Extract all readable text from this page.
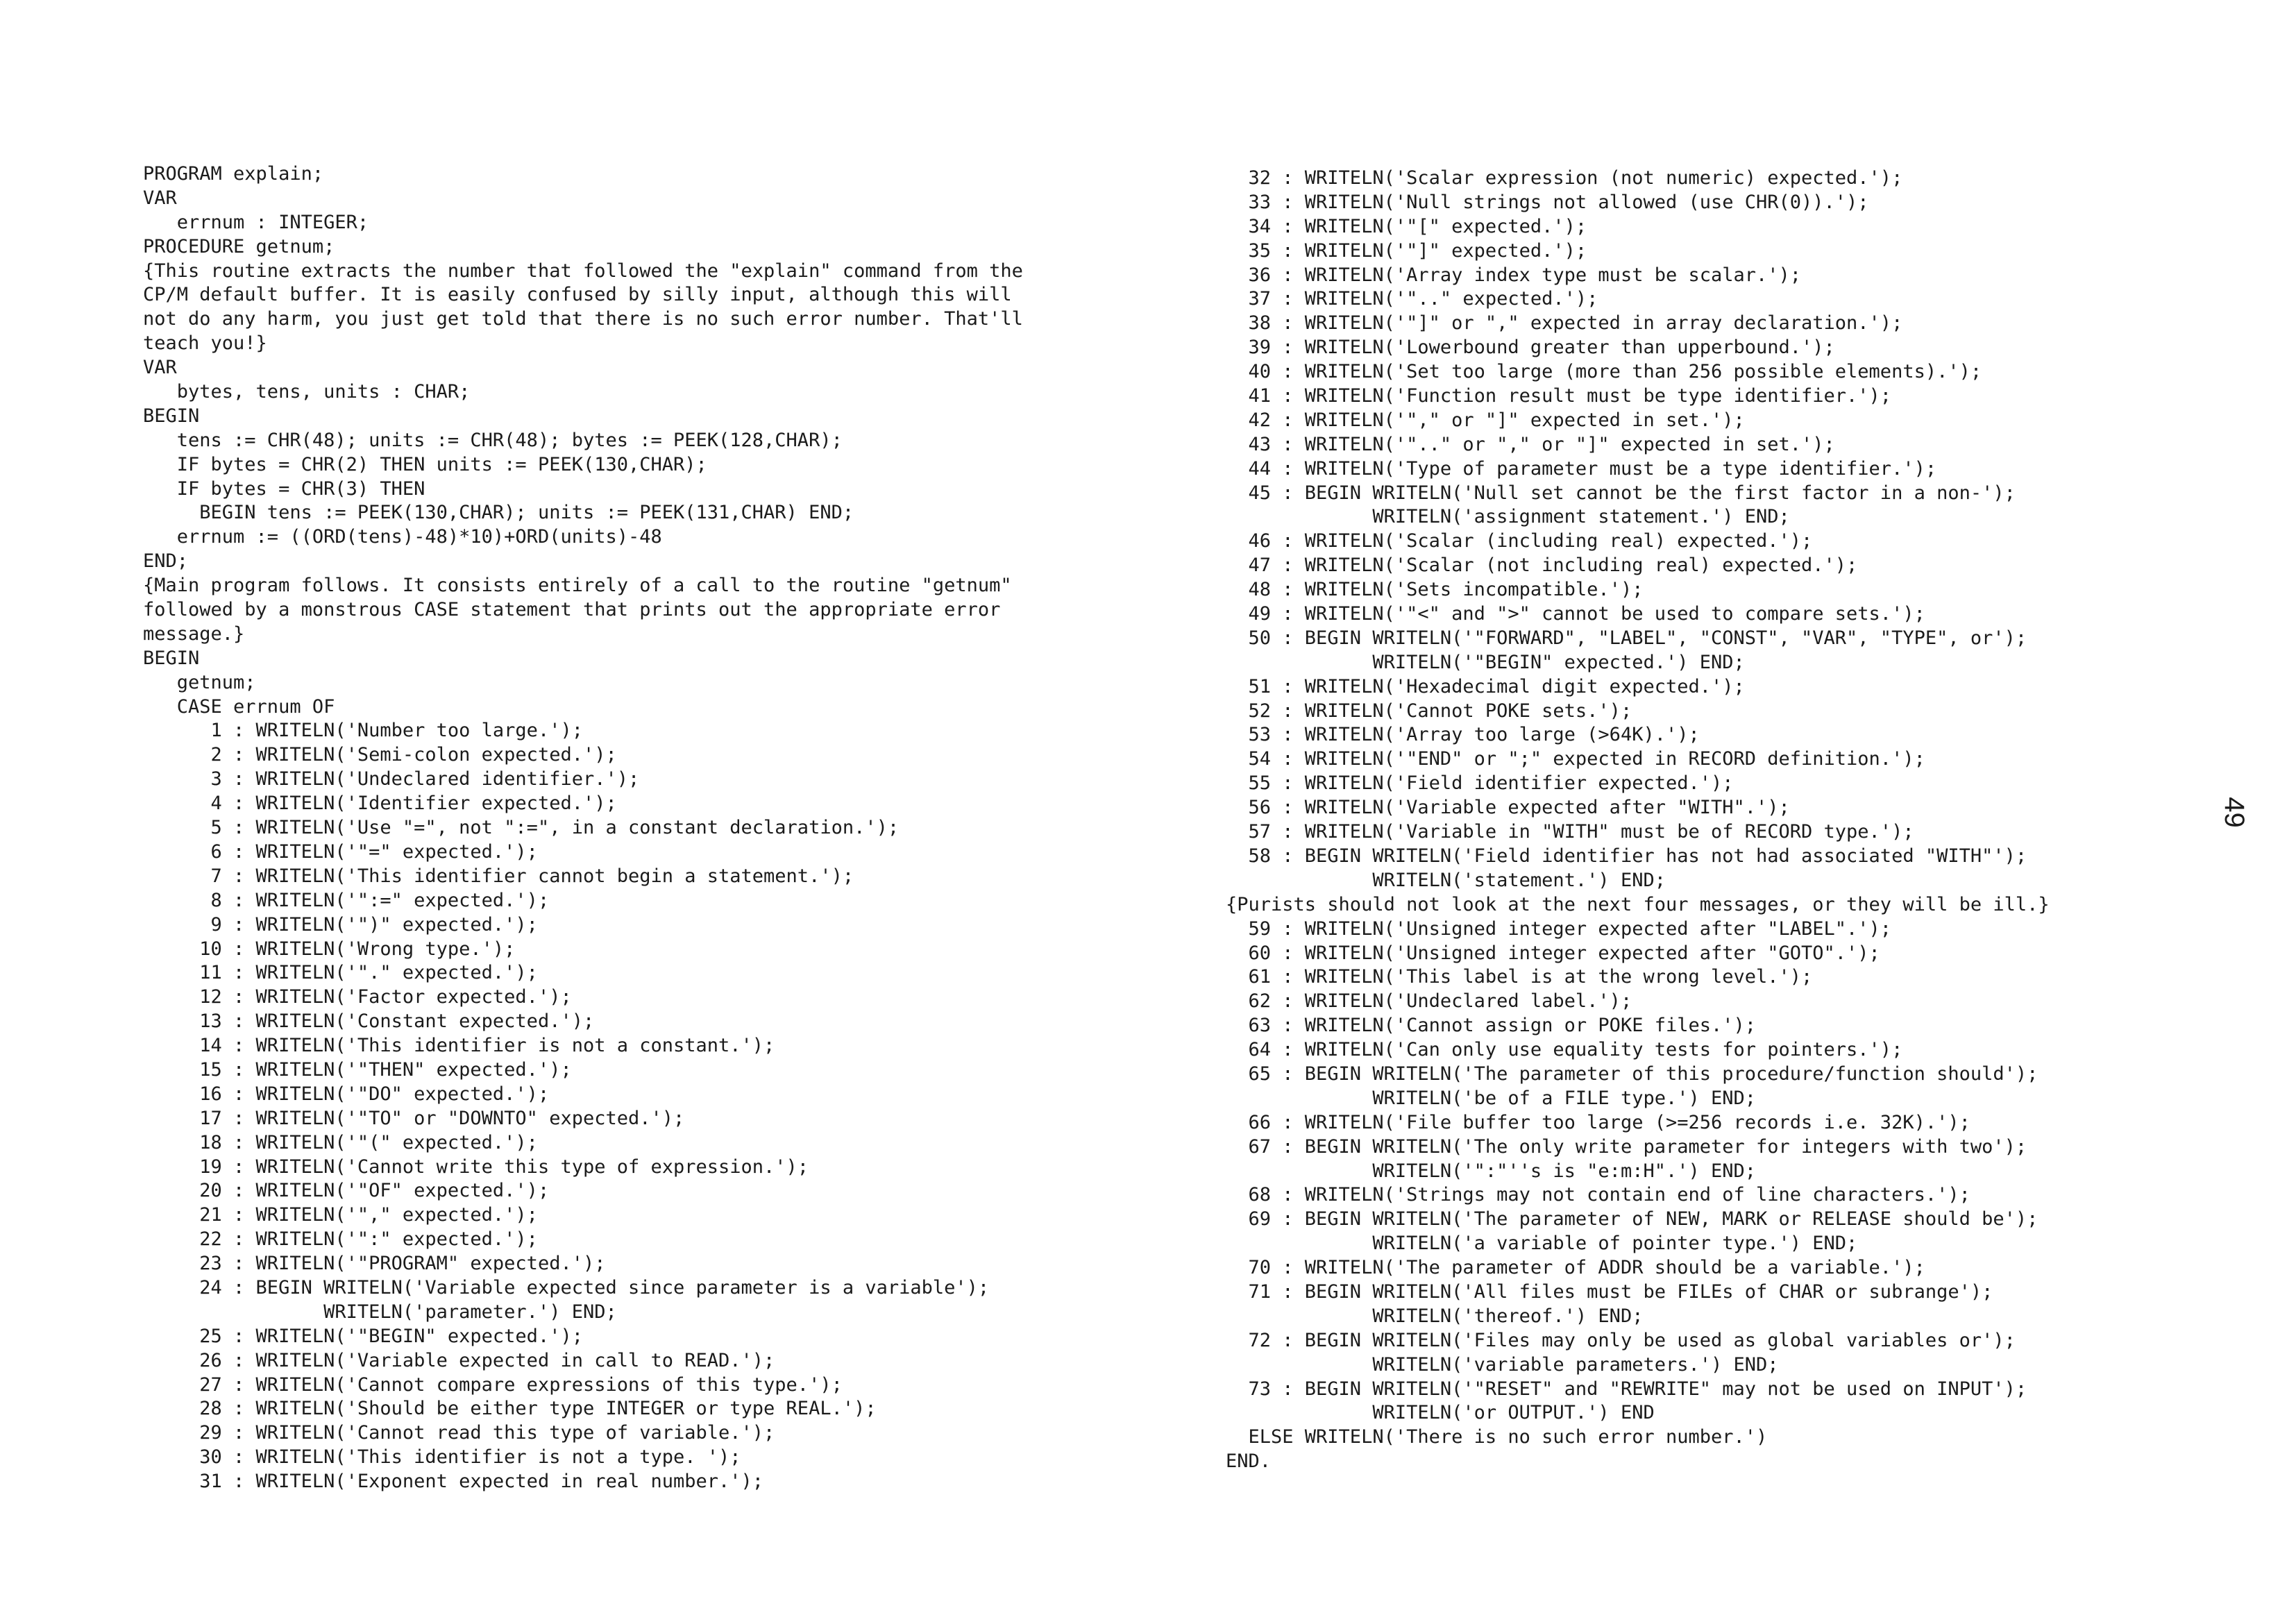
PROGRAM explain;
VAR
errnum : INTEGER;
PROCEDURE getnum;
{This routine extracts the number that followed the "explain" command from the
CP/M default buffer. It is easily confused by silly input, although this will
not do any harm, you just get told that there is no such error number. That'll
teach you!}
VAR
bytes, tens, units : CHAR;
BEGIN
tens := CHR(48); units := CHR(48); bytes := PEEK(128,CHAR);
IF bytes = CHR(2) THEN units := PEEK(130,CHAR);
IF bytes = CHR(3) THEN
BEGIN tens := PEEK(130,CHAR); units := PEEK(131,CHAR) END;
errnum := ((ORD(tens)-48)*10)+ORD(units)-48
END;
{Main program follows. It consists entirely of a call to the routine "getnum"
followed by a monstrous CASE statement that prints out the appropriate error
message.}
BEGIN
getnum;
CASE errnum OF
1 : WRITELN('Number too large.');
2 : WRITELN('Semi-colon expected.');
3 : WRITELN('Undeclared identifier.');
4 : WRITELN('Identifier expected.');
5 : WRITELN('Use "=", not ":=", in a constant declaration.');
6 : WRITELN('"=" expected.');
7 : WRITELN('This identifier cannot begin a statement.');
8 : WRITELN('":=" expected.');
9 : WRITELN('")" expected.');
10 : WRITELN('Wrong type.');
11 : WRITELN('"." expected.');
12 : WRITELN('Factor expected.');
13 : WRITELN('Constant expected.');
14 : WRITELN('This identifier is not a constant.');
15 : WRITELN('"THEN" expected.');
16 : WRITELN('"DO" expected.');
17 : WRITELN('"TO" or "DOWNTO" expected.');
18 : WRITELN('"(" expected.');
19 : WRITELN('Cannot write this type of expression.');
20 : WRITELN('"OF" expected.');
21 : WRITELN('"," expected.');
22 : WRITELN('":" expected.');
23 : WRITELN('"PROGRAM" expected.');
24 : BEGIN WRITELN('Variable expected since parameter is a variable');
WRITELN('parameter.') END;
25 : WRITELN('"BEGIN" expected.');
26 : WRITELN('Variable expected in call to READ.');
27 : WRITELN('Cannot compare expressions of this type.');
28 : WRITELN('Should be either type INTEGER or type REAL.');
29 : WRITELN('Cannot read this type of variable.');
30 : WRITELN('This identifier is not a type. ');
31 : WRITELN('Exponent expected in real number.');
32 : WRITELN('Scalar expression (not numeric) expected.');
33 : WRITELN('Null strings not allowed (use CHR(0)).');
34 : WRITELN('"[" expected.');
35 : WRITELN('"]" expected.');
36 : WRITELN('Array index type must be scalar.');
37 : WRITELN('".." expected.');
38 : WRITELN('"]" or "," expected in array declaration.');
39 : WRITELN('Lowerbound greater than upperbound.');
40 : WRITELN('Set too large (more than 256 possible elements).');
41 : WRITELN('Function result must be type identifier.');
42 : WRITELN('"," or "]" expected in set.');
43 : WRITELN('".." or "," or "]" expected in set.');
44 : WRITELN('Type of parameter must be a type identifier.');
45 : BEGIN WRITELN('Null set cannot be the first factor in a non-');
WRITELN('assignment statement.') END;
46 : WRITELN('Scalar (including real) expected.');
47 : WRITELN('Scalar (not including real) expected.');
48 : WRITELN('Sets incompatible.');
49 : WRITELN('"<" and ">" cannot be used to compare sets.');
50 : BEGIN WRITELN('"FORWARD", "LABEL", "CONST", "VAR", "TYPE", or');
WRITELN('"BEGIN" expected.') END;
51 : WRITELN('Hexadecimal digit expected.');
52 : WRITELN('Cannot POKE sets.');
53 : WRITELN('Array too large (>64K).');
54 : WRITELN('"END" or ";" expected in RECORD definition.');
55 : WRITELN('Field identifier expected.');
56 : WRITELN('Variable expected after "WITH".');
57 : WRITELN('Variable in "WITH" must be of RECORD type.');
58 : BEGIN WRITELN('Field identifier has not had associated "WITH"');
WRITELN('statement.') END;
{Purists should not look at the next four messages, or they will be ill.}
59 : WRITELN('Unsigned integer expected after "LABEL".');
60 : WRITELN('Unsigned integer expected after "GOTO".');
61 : WRITELN('This label is at the wrong level.');
62 : WRITELN('Undeclared label.');
63 : WRITELN('Cannot assign or POKE files.');
64 : WRITELN('Can only use equality tests for pointers.');
65 : BEGIN WRITELN('The parameter of this procedure/function should');
WRITELN('be of a FILE type.') END;
66 : WRITELN('File buffer too large (>=256 records i.e. 32K).');
67 : BEGIN WRITELN('The only write parameter for integers with two');
WRITELN('":"''s is "e:m:H".') END;
68 : WRITELN('Strings may not contain end of line characters.');
69 : BEGIN WRITELN('The parameter of NEW, MARK or RELEASE should be');
WRITELN('a variable of pointer type.') END;
70 : WRITELN('The parameter of ADDR should be a variable.');
71 : BEGIN WRITELN('All files must be FILEs of CHAR or subrange');
WRITELN('thereof.') END;
72 : BEGIN WRITELN('Files may only be used as global variables or');
WRITELN('variable parameters.') END;
73 : BEGIN WRITELN('"RESET" and "REWRITE" may not be used on INPUT');
WRITELN('or OUTPUT.') END
ELSE WRITELN('There is no such error number.')
END.
49
